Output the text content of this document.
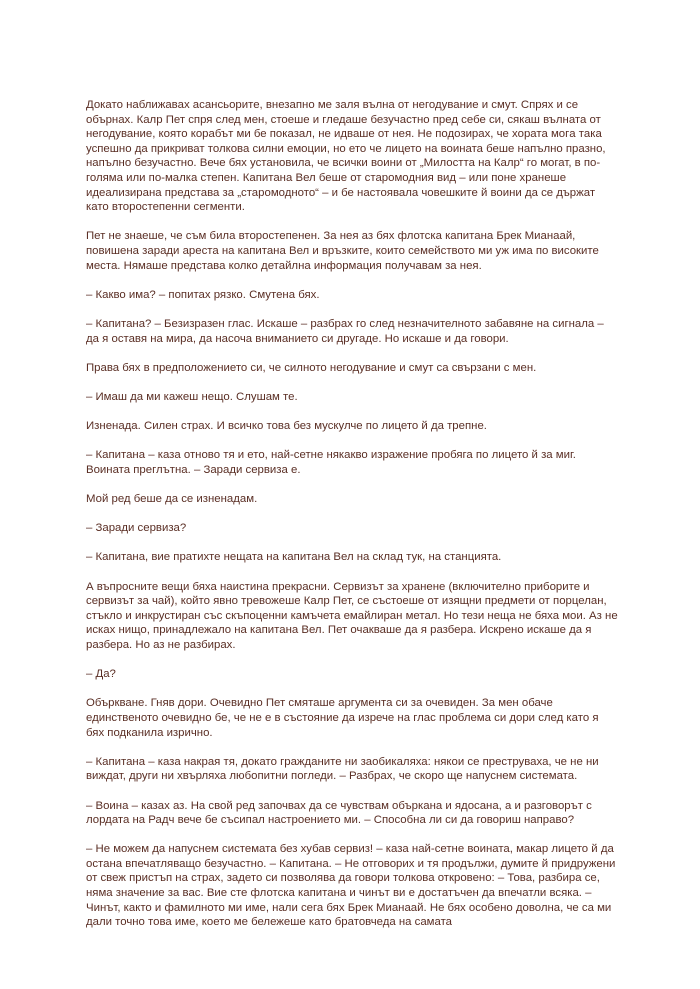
Докато наближавах асансьорите, внезапно ме заля вълна от негодувание и смут. Спрях и се обърнах. Калр Пет спря след мен, стоеше и гледаше безучастно пред себе си, сякаш вълната от негодувание, която корабът ми бе показал, не идваше от нея. Не подозирах, че хората могa така успешно да прикриват толкова силни емоции, но ето че лицето на воината беше напълно празно, напълно безучастно. Вече бях установила, че всички воини от „Милостта на Калр“ го могат, в по-голяма или по-малка степен. Капитана Вел беше от старомодния вид – или поне хранеше идеализирана представа за „старомодното“ – и бе настоявала човешките й воини да се държат като второстепенни сегменти.

Пет не знаеше, че съм била второстепенен. За нея аз бях флотска капитана Брек Мианаай, повишена заради ареста на капитана Вел и връзките, които семейството ми уж има по високите места. Нямаше представа колко детайлна информация получавам за нея.

– Какво има? – попитах рязко. Смутена бях.

– Капитана? – Безизразен глас. Искаше – разбрах го след незначителното забавяне на сигнала – да я оставя на мира, да насоча вниманието си другаде. Но искаше и да говори.

Права бях в предположението си, че силното негодувание и смут са свързани с мен.

– Имаш да ми кажеш нещо. Слушам те.

Изненада. Силен страх. И всичко това без мускулче по лицето й да трепне.

– Капитана – каза отново тя и ето, най-сетне някакво изражение пробяга по лицето й за миг. Воината преглътна. – Заради сервиза е.

Мой ред беше да се изненадам.

– Заради сервиза?

– Капитана, вие пратихте нещата на капитана Вел на склад тук, на станцията.

А въпросните вещи бяха наистина прекрасни. Сервизът за хранене (включително приборите и сервизът за чай), който явно тревожеше Калр Пет, се състоеше от изящни предмети от порцелан, стъкло и инкрустиран със скъпоценни камъчета емайлиран метал. Но тези неща не бяха мои. Аз не исках нищо, принадлежало на капитана Вел. Пет очакваше да я разбера. Искрено искаше да я разбера. Но аз не разбирах.

– Да?

Объркване. Гняв дори. Очевидно Пет смяташе аргумента си за очевиден. За мен обаче единственото очевидно бе, че не е в състояние да изрече на глас проблема си дори след като я бях подканила изрично.

– Капитана – каза накрая тя, докато гражданите ни заобикаляха: някои се преструваха, че не ни виждат, други ни хвърляха любопитни погледи. – Разбрах, че скоро ще напуснем системата.

– Воина – казах аз. На свой ред започвах да се чувствам объркана и ядосана, а и разговорът с лордата на Радч вече бе съсипал настроението ми. – Способна ли си да говориш направо?

– Не можем да напуснем системата без хубав сервиз! – каза най-сетне воината, макар лицето й да остана впечатляващо безучастно. – Капитана. – Не отговорих и тя продължи, думите й придружени от свеж пристъп на страх, задето си позволява да говори толкова откровено: – Това, разбира се, няма значение за вас. Вие сте флотска капитана и чинът ви е достатъчен да впечатли всяка. – Чинът, както и фамилното ми име, нали сега бях Брек Мианаай. Не бях особено доволна, че са ми дали точно това име, което ме бележеше като братовчеда на самата
